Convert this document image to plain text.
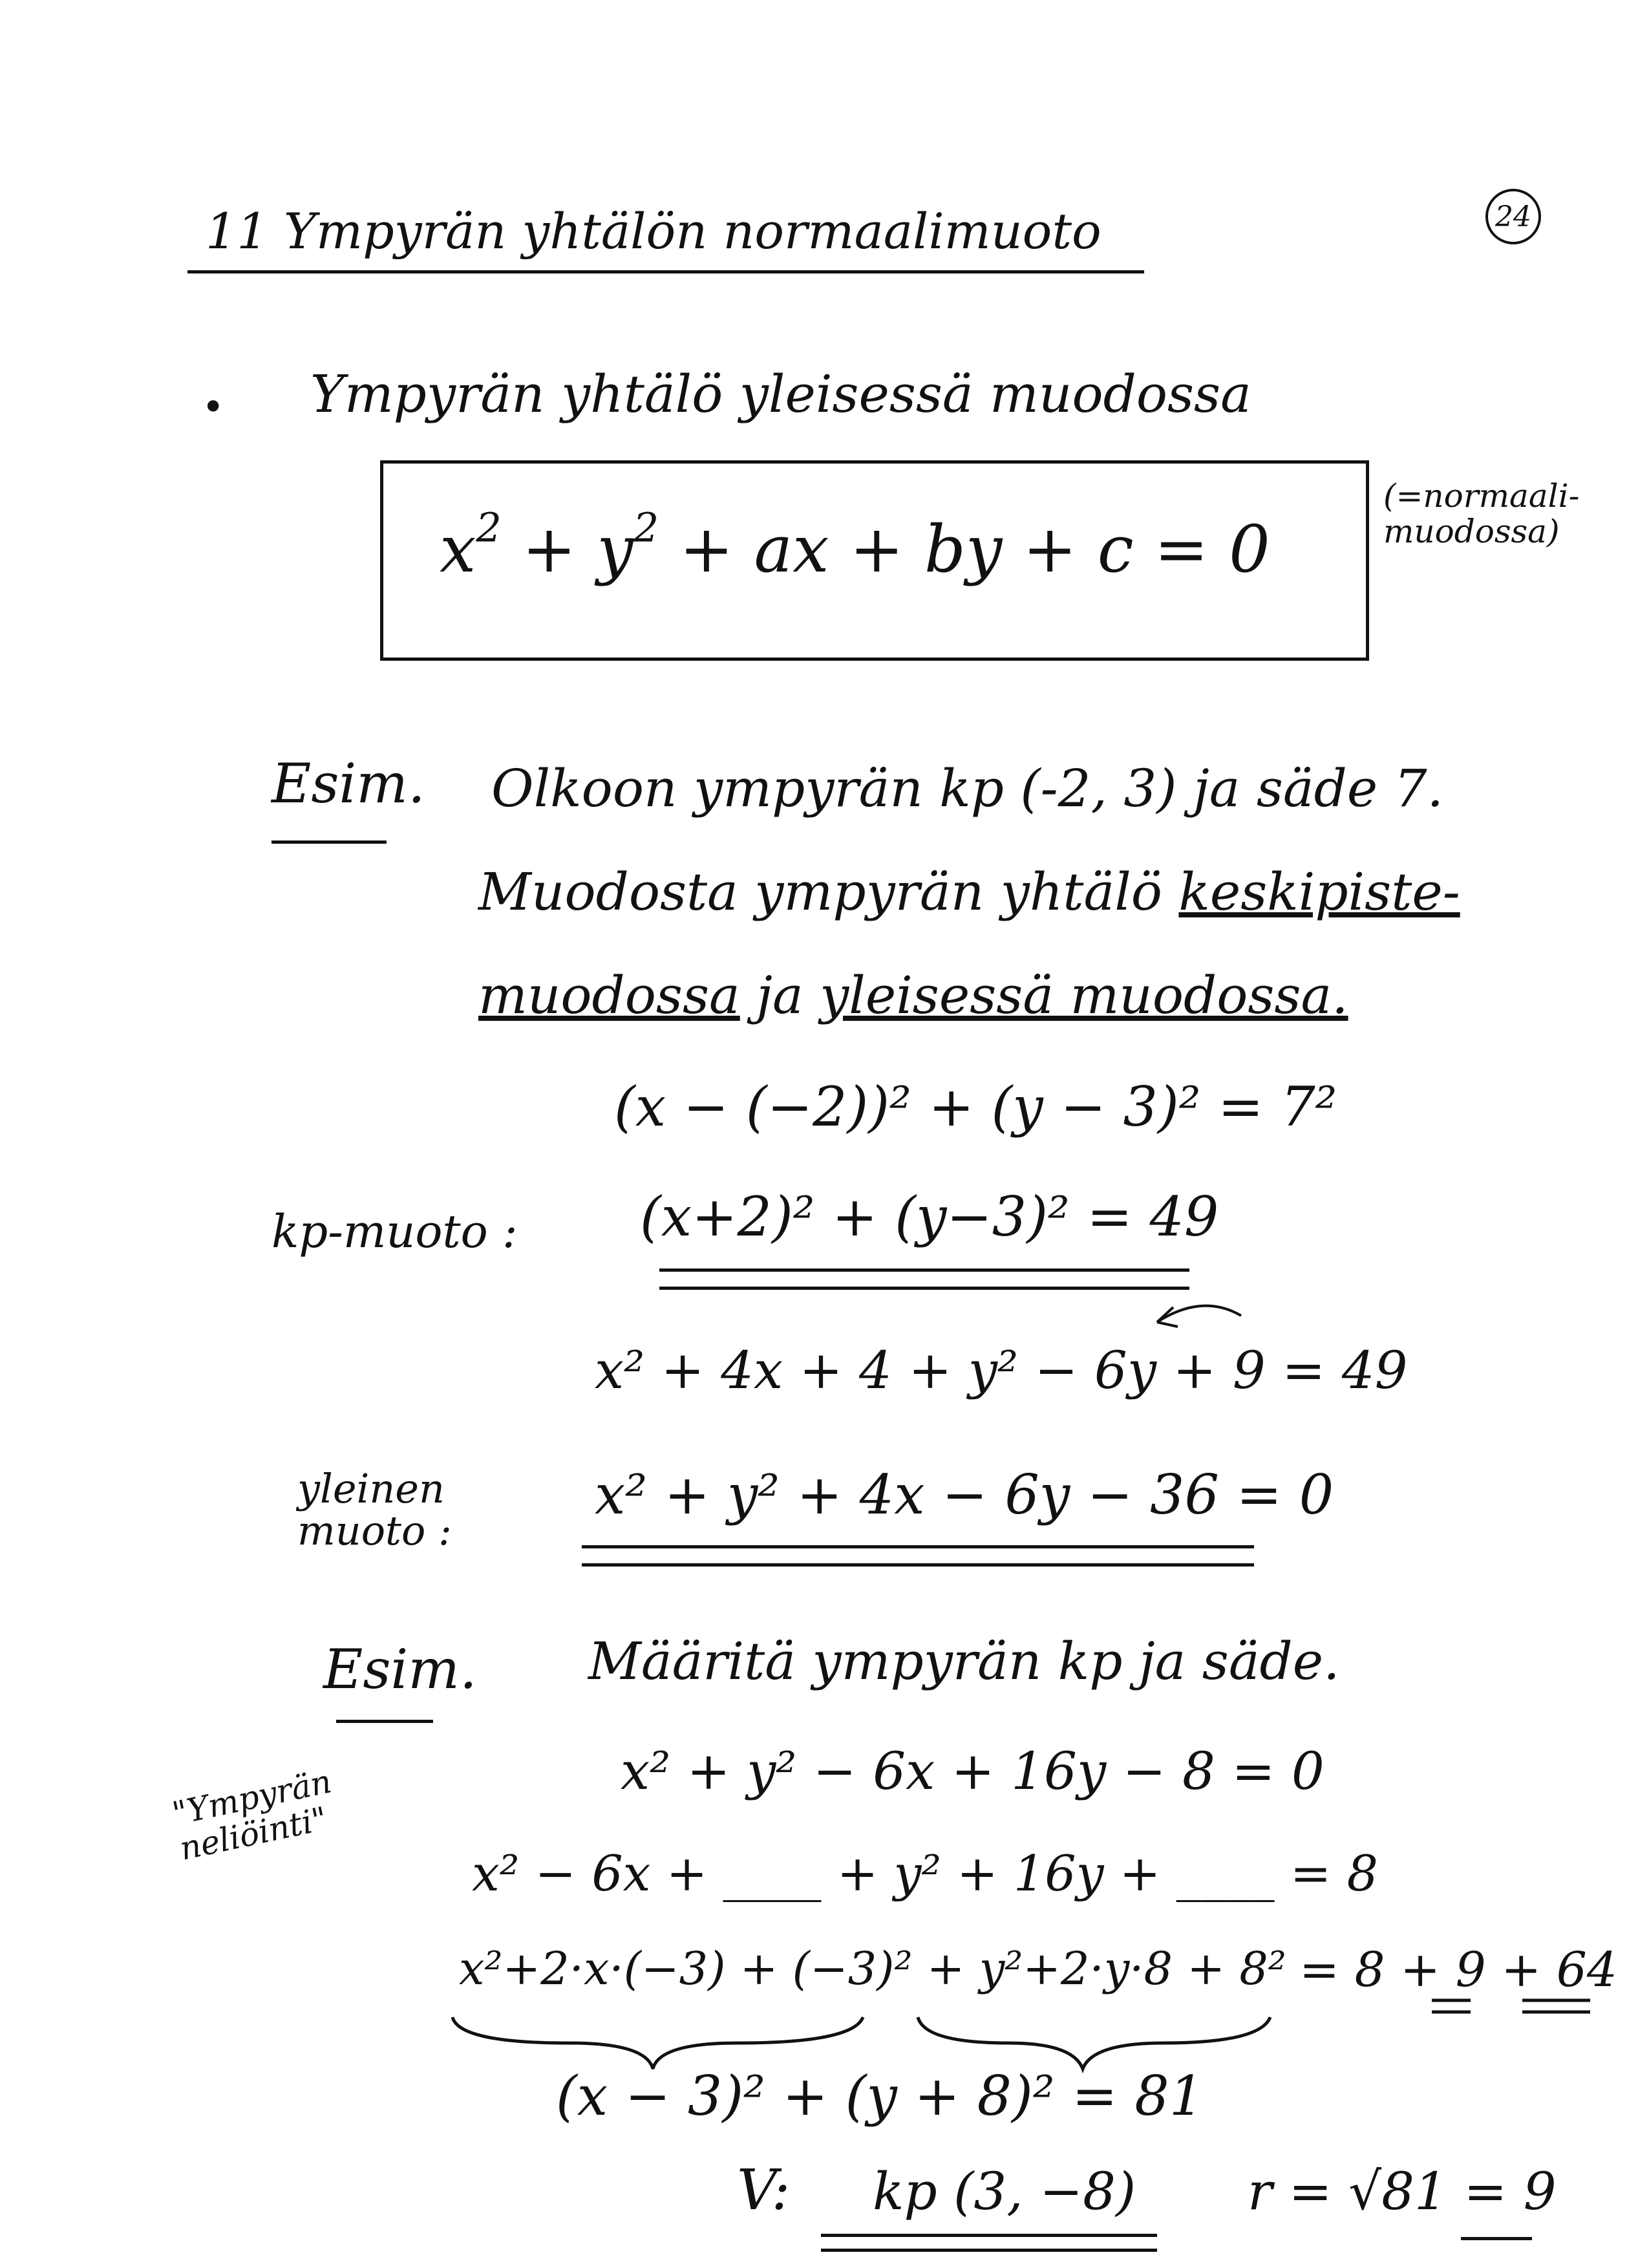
11 Ympyrän yhtälön normaalimuoto	24
• Ympyrän yhtälö yleisessä muodossa
$x^2 + y^2$ + ax + by + c = 0
(=normaali-
muodossa)
Esim. Olkoon ympyrän kp (-2, 3) ja säde 7.
Muodosta ympyrän yhtälö keskipiste-
muodossa ja yleisessä muodossa.
(x − (−2))² + (y − 3)² = 7²
kp-muoto : (x+2)² + (y−3)² = 49
x² + 4x + 4 + y² − 6y + 9 = 49
yleinen
muoto :
x² + y² + 4x − 6y − 36 = 0
Esim. Määritä ympyrän kp ja säde.
"Ympyrän
neliöinti"
x² + y² − 6x + 16y − 8 = 0
x² − 6x + ____ + y² + 16y + ____ = 8
x²+2·x·(−3) + (−3)² + y²+2·y·8 + 8² = 8 + 9 + 64
(x − 3)² + (y + 8)² = 81
V: kp (3, −8) r = √81 = 9
